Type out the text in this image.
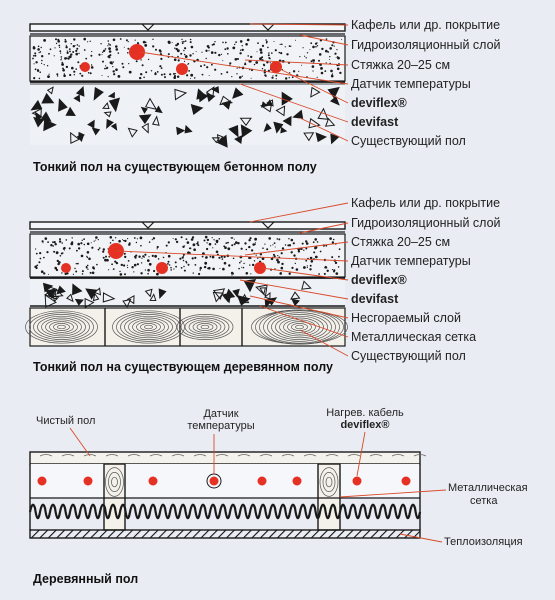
Кафель или др. покрытие
Гидроизоляционный слой
Стяжка 20–25 см
Датчик температуры
deviflex®
devifast
Существующий пол
Тонкий пол на существующем бетонном полу
Кафель или др. покрытие
Гидроизоляционный слой
Стяжка 20–25 см
Датчик температуры
deviflex®
devifast
Несгораемый слой
Металлическая сетка
Существующий пол
Тонкий пол на существующем деревянном полу
Чистый пол
Датчик
температуры
Нагрев. кабель
deviflex®
Металлическая
сетка
Теплоизоляция
Деревянный пол
